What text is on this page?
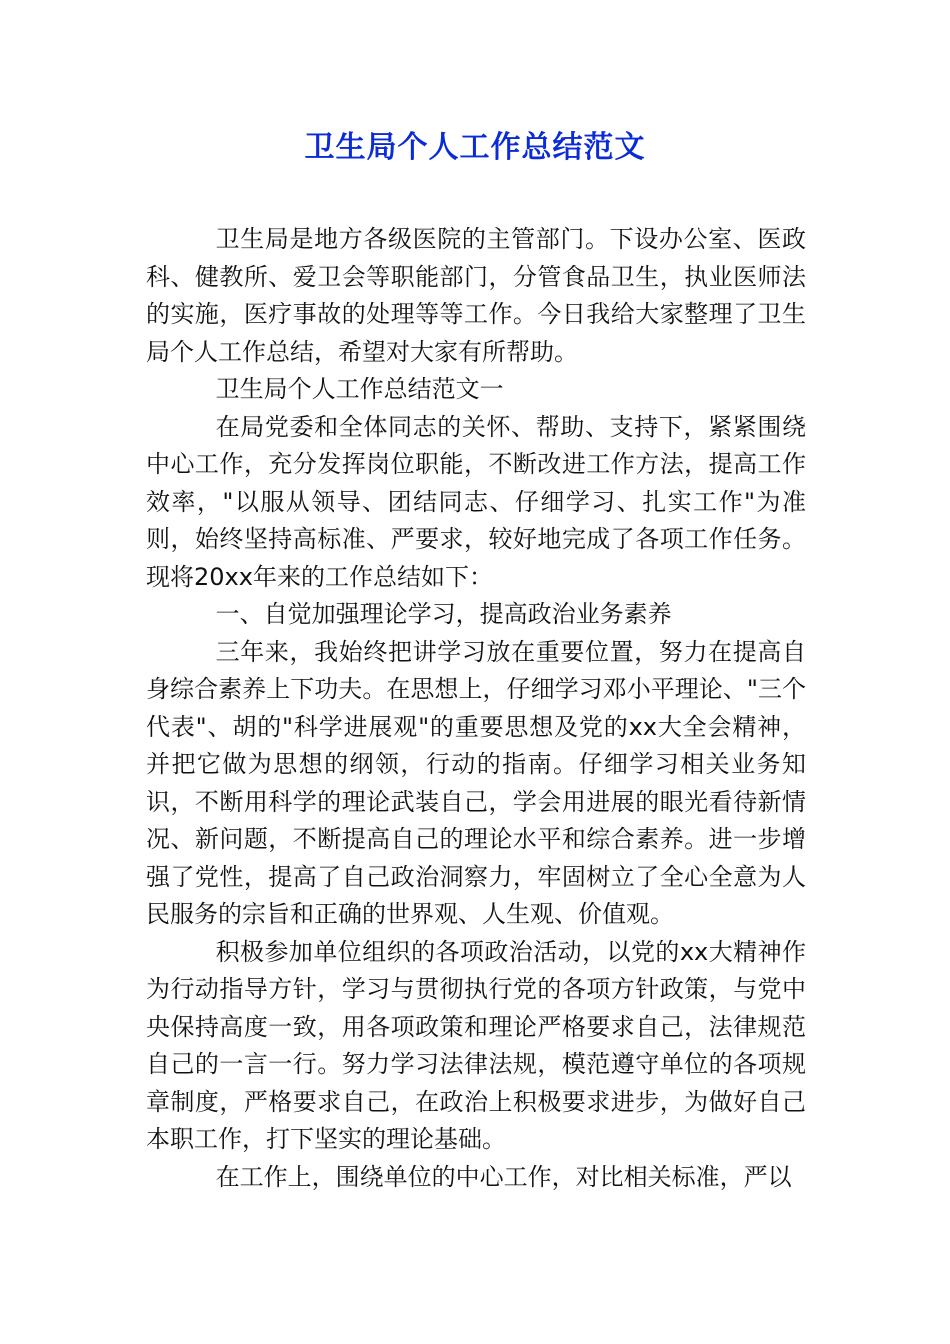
卫生局个人工作总结范文

卫生局是地方各级医院的主管部门。下设办公室、医政科、健教所、爱卫会等职能部门，分管食品卫生，执业医师法的实施，医疗事故的处理等等工作。今日我给大家整理了卫生局个人工作总结，希望对大家有所帮助。

卫生局个人工作总结范文一

在局党委和全体同志的关怀、帮助、支持下，紧紧围绕中心工作，充分发挥岗位职能，不断改进工作方法，提高工作效率，"以服从领导、团结同志、仔细学习、扎实工作"为准则，始终坚持高标准、严要求，较好地完成了各项工作任务。现将20xx年来的工作总结如下：

一、自觉加强理论学习，提高政治业务素养

三年来，我始终把讲学习放在重要位置，努力在提高自身综合素养上下功夫。在思想上，仔细学习邓小平理论、"三个代表"、胡的"科学进展观"的重要思想及党的xx大全会精神，并把它做为思想的纲领，行动的指南。仔细学习相关业务知识，不断用科学的理论武装自己，学会用进展的眼光看待新情况、新问题，不断提高自己的理论水平和综合素养。进一步增强了党性，提高了自己政治洞察力，牢固树立了全心全意为人民服务的宗旨和正确的世界观、人生观、价值观。

积极参加单位组织的各项政治活动，以党的xx大精神作为行动指导方针，学习与贯彻执行党的各项方针政策，与党中央保持高度一致，用各项政策和理论严格要求自己，法律规范自己的一言一行。努力学习法律法规，模范遵守单位的各项规章制度，严格要求自己，在政治上积极要求进步，为做好自己本职工作，打下坚实的理论基础。

在工作上，围绕单位的中心工作，对比相关标准，严以
